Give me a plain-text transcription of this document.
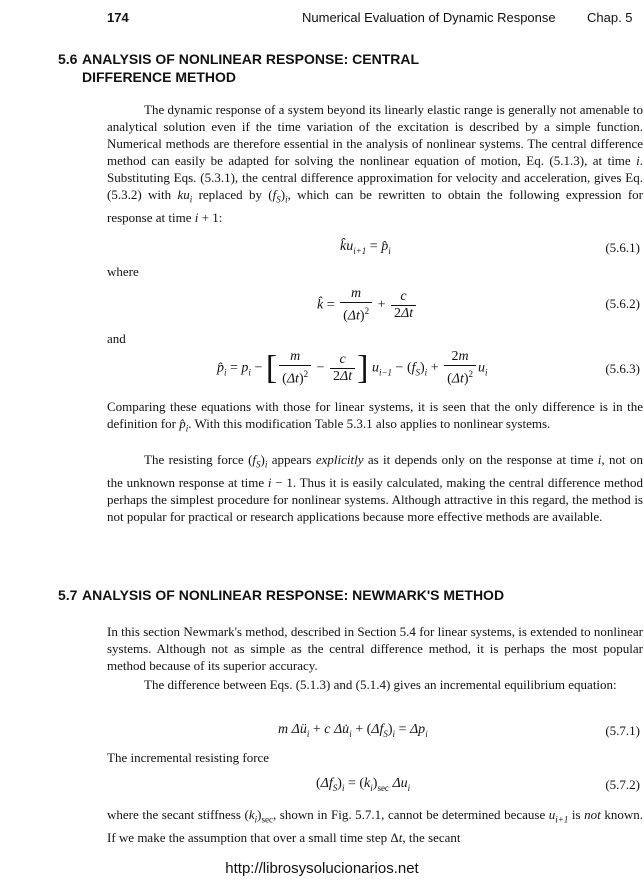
174	Numerical Evaluation of Dynamic Response Chap. 5
5.6 ANALYSIS OF NONLINEAR RESPONSE: CENTRAL
DIFFERENCE METHOD

The dynamic response of a system beyond its linearly elastic range is generally not amenable to analytical solution even if the time variation of the excitation is described by a simple function. Numerical methods are therefore essential in the analysis of nonlinear systems. The central difference method can easily be adapted for solving the nonlinear equation of motion, Eq. (5.1.3), at time i. Substituting Eqs. (5.3.1), the central difference approximation for velocity and acceleration, gives Eq. (5.3.2) with $ku_i$ replaced by $(f_S)_i$, which can be rewritten to obtain the following expression for response at time i + 1:

$k̂u_{i+1}$ = $p̂_i$	(5.6.1)
where
k̂ = $\frac{m}{(\Delta t)^2} + \frac{c}{2\Delta t}$	(5.6.2)
and
$p̂_i = p_i$ − [ $\frac{m}{(\Delta t)^2} - \frac{c}{2\Delta t}$ ] $u_{i-1} - (f_S)_i + \frac{2m}{(\Delta t)^2} u_i$	(5.6.3)

Comparing these equations with those for linear systems, it is seen that the only difference is in the definition for $p̂_i$. With this modification Table 5.3.1 also applies to nonlinear systems.

The resisting force $(f_S)_i$ appears explicitly as it depends only on the response at time i, not on the unknown response at time i − 1. Thus it is easily calculated, making the central difference method perhaps the simplest procedure for nonlinear systems. Although attractive in this regard, the method is not popular for practical or research applications because more effective methods are available.

5.7 ANALYSIS OF NONLINEAR RESPONSE: NEWMARK'S METHOD

In this section Newmark's method, described in Section 5.4 for linear systems, is extended to nonlinear systems. Although not as simple as the central difference method, it is perhaps the most popular method because of its superior accuracy.

The difference between Eqs. (5.1.3) and (5.1.4) gives an incremental equilibrium equation:

m $\Delta ü_i + c$ $\Delta u̇_i + (\Delta f_S)_i = \Delta p_i$	(5.7.1)
The incremental resisting force
$(\Delta f_S)_i = (k_i)_{sec}$ $\Delta u_i$	(5.7.2)

where the secant stiffness $(k_i)_{sec}$, shown in Fig. 5.7.1, cannot be determined because $u_{i+1}$ is not known. If we make the assumption that over a small time step Δt, the secant

http://librosysolucionarios.net
